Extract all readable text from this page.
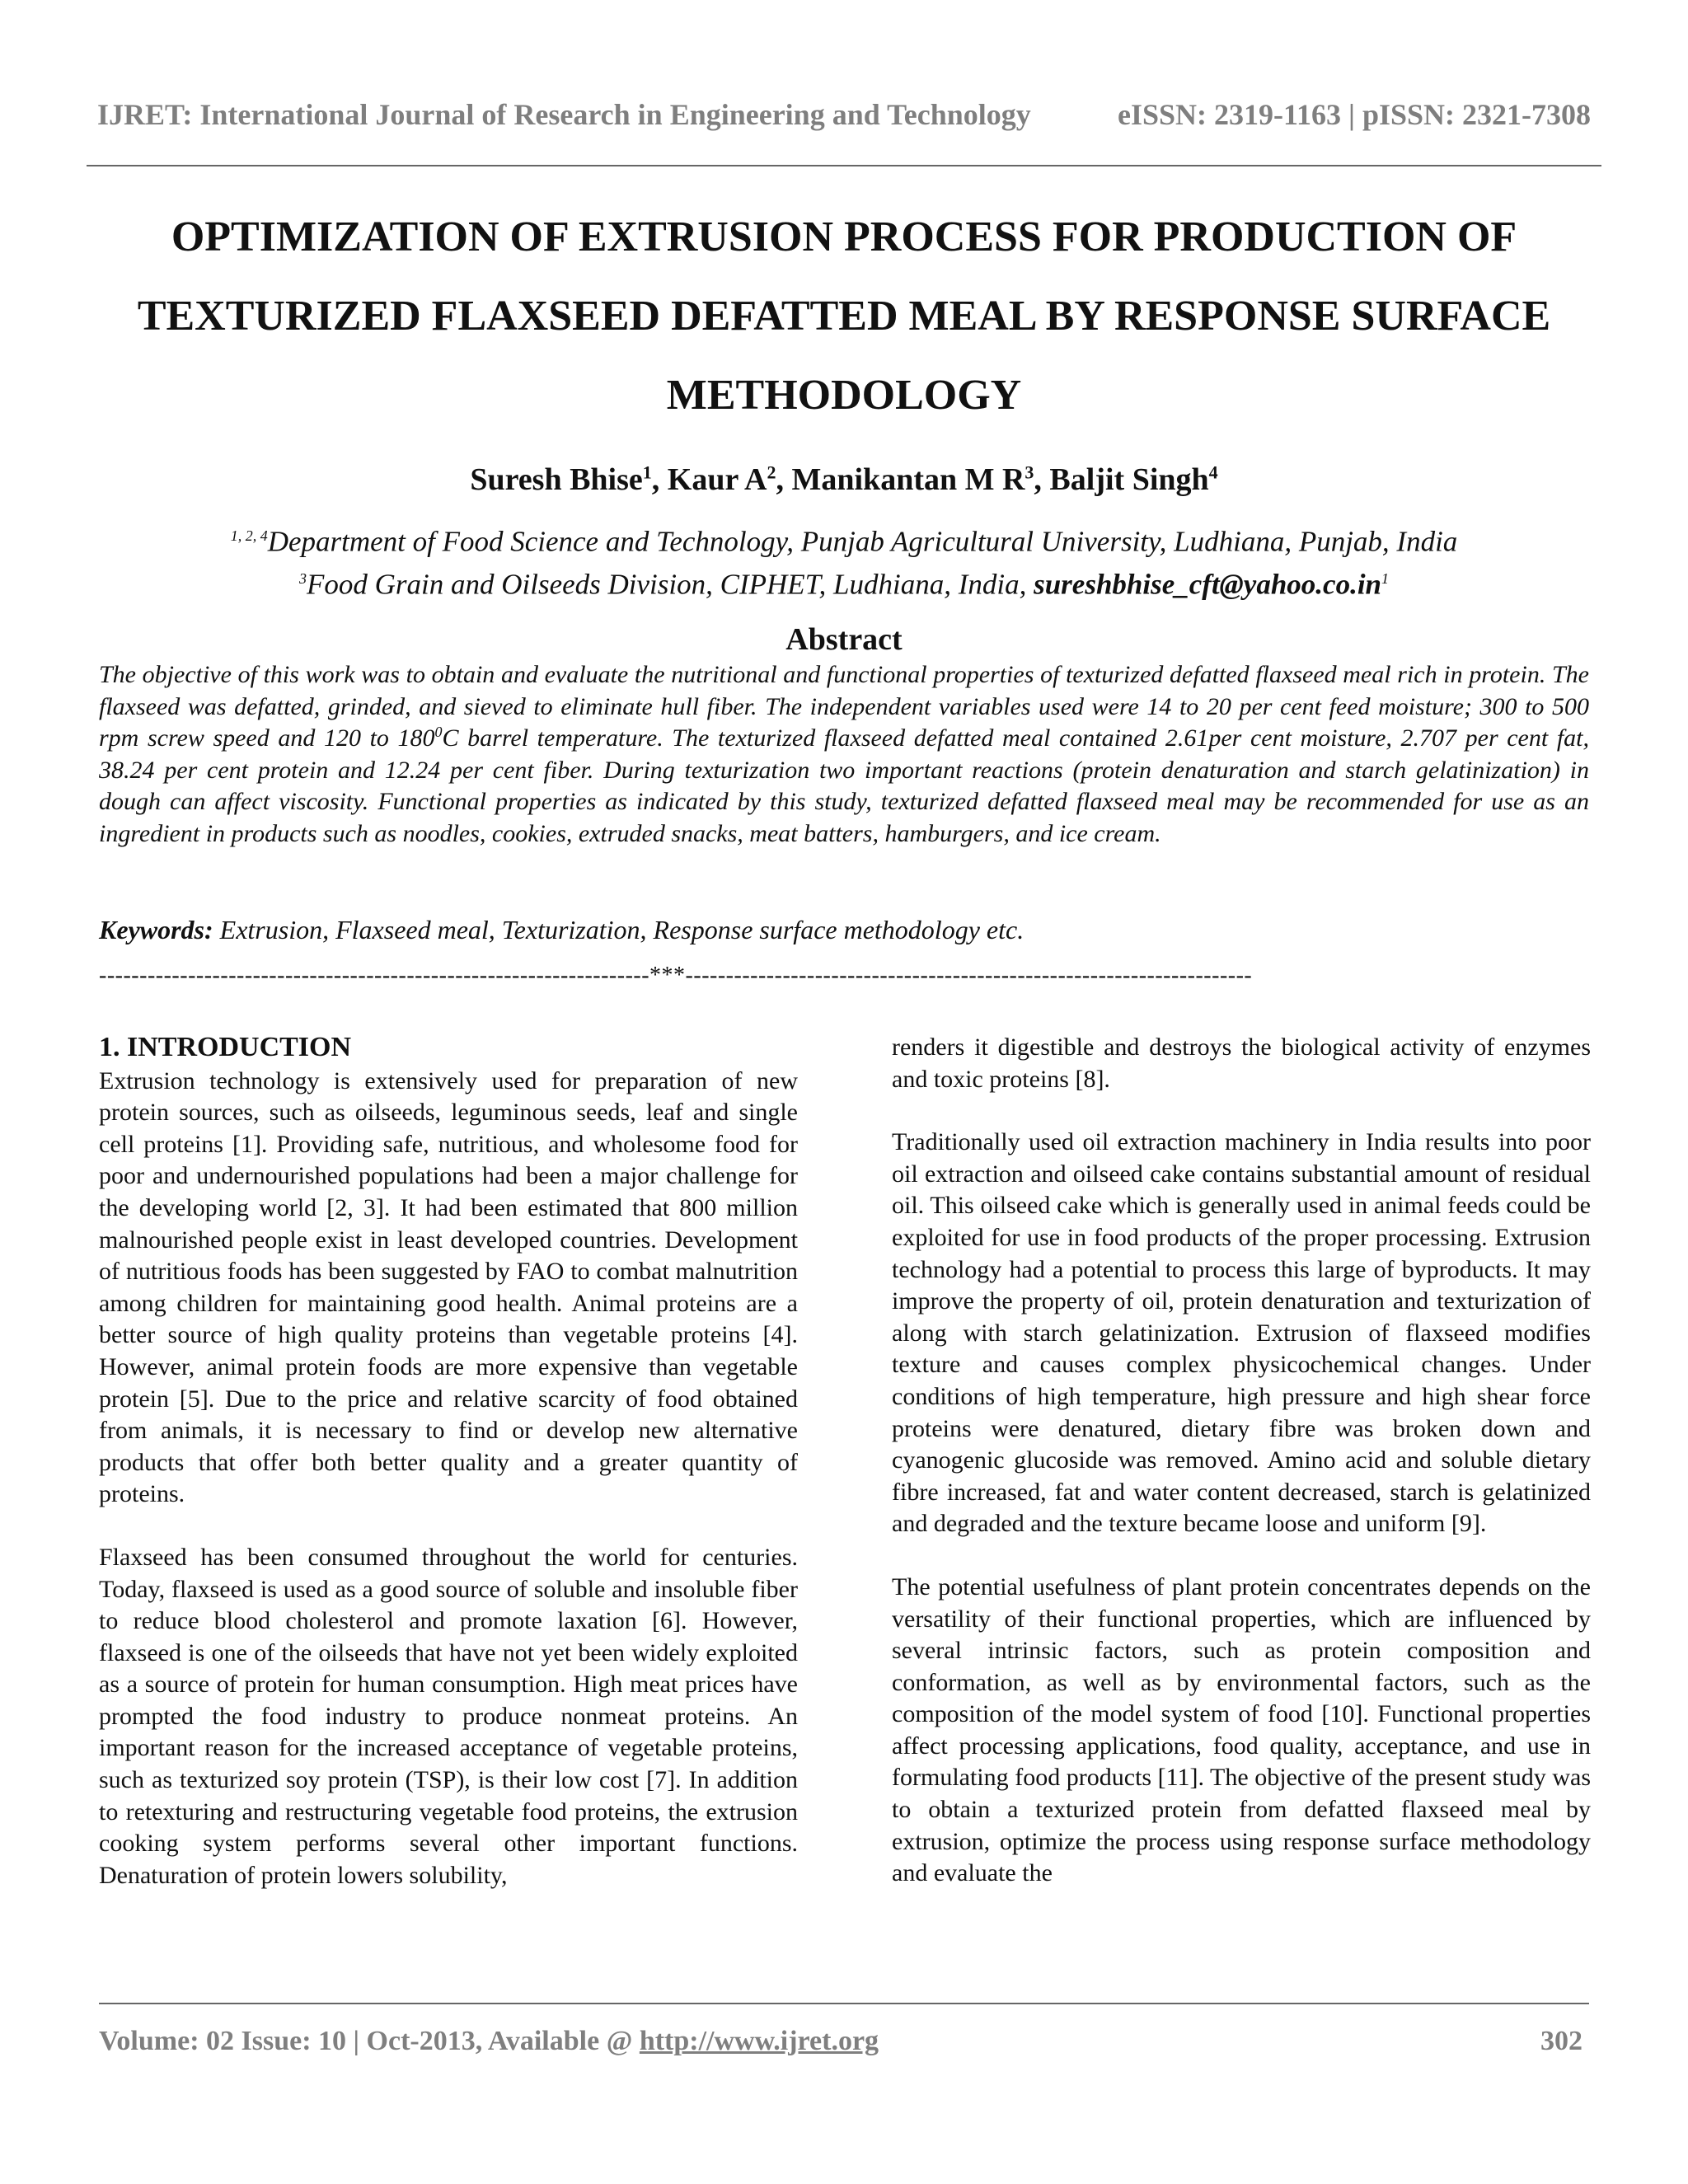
IJRET: International Journal of Research in Engineering and Technology	eISSN: 2319-1163 | pISSN: 2321-7308
OPTIMIZATION OF EXTRUSION PROCESS FOR PRODUCTION OF TEXTURIZED FLAXSEED DEFATTED MEAL BY RESPONSE SURFACE METHODOLOGY
Suresh Bhise$^1$, Kaur $A^2$, Manikantan M $R^3$, Baljit Singh$^4$
$^{1, 2, 4}$Department of Food Science and Technology, Punjab Agricultural University, Ludhiana, Punjab, India
$^3$Food Grain and Oilseeds Division, CIPHET, Ludhiana, India, $sureshbhise\_cft@yahoo.co.in^1$
Abstract
The objective of this work was to obtain and evaluate the nutritional and functional properties of texturized defatted flaxseed meal rich in protein. The flaxseed was defatted, grinded, and sieved to eliminate hull fiber. The independent variables used were 14 to 20 per cent feed moisture; 300 to 500 rpm screw speed and 120 to $180^0C$ barrel temperature. The texturized flaxseed defatted meal contained 2.61per cent moisture, 2.707 per cent fat, 38.24 per cent protein and 12.24 per cent fiber. During texturization two important reactions (protein denaturation and starch gelatinization) in dough can affect viscosity. Functional properties as indicated by this study, texturized defatted flaxseed meal may be recommended for use as an ingredient in products such as noodles, cookies, extruded snacks, meat batters, hamburgers, and ice cream.
Keywords: Extrusion, Flaxseed meal, Texturization, Response surface methodology etc.
--------------------------------------------------------------------***----------------------------------------------------------------------
1. INTRODUCTION

Extrusion technology is extensively used for preparation of new protein sources, such as oilseeds, leguminous seeds, leaf and single cell proteins [1]. Providing safe, nutritious, and wholesome food for poor and undernourished populations had been a major challenge for the developing world [2, 3]. It had been estimated that 800 million malnourished people exist in least developed countries. Development of nutritious foods has been suggested by FAO to combat malnutrition among children for maintaining good health. Animal proteins are a better source of high quality proteins than vegetable proteins [4]. However, animal protein foods are more expensive than vegetable protein [5]. Due to the price and relative scarcity of food obtained from animals, it is necessary to find or develop new alternative products that offer both better quality and a greater quantity of proteins.

Flaxseed has been consumed throughout the world for centuries. Today, flaxseed is used as a good source of soluble and insoluble fiber to reduce blood cholesterol and promote laxation [6]. However, flaxseed is one of the oilseeds that have not yet been widely exploited as a source of protein for human consumption. High meat prices have prompted the food industry to produce nonmeat proteins. An important reason for the increased acceptance of vegetable proteins, such as texturized soy protein (TSP), is their low cost [7]. In addition to retexturing and restructuring vegetable food proteins, the extrusion cooking system performs several other important functions. Denaturation of protein lowers solubility,

renders it digestible and destroys the biological activity of enzymes and toxic proteins [8].

Traditionally used oil extraction machinery in India results into poor oil extraction and oilseed cake contains substantial amount of residual oil. This oilseed cake which is generally used in animal feeds could be exploited for use in food products of the proper processing. Extrusion technology had a potential to process this large of byproducts. It may improve the property of oil, protein denaturation and texturization of along with starch gelatinization. Extrusion of flaxseed modifies texture and causes complex physicochemical changes. Under conditions of high temperature, high pressure and high shear force proteins were denatured, dietary fibre was broken down and cyanogenic glucoside was removed. Amino acid and soluble dietary fibre increased, fat and water content decreased, starch is gelatinized and degraded and the texture became loose and uniform [9].

The potential usefulness of plant protein concentrates depends on the versatility of their functional properties, which are influenced by several intrinsic factors, such as protein composition and conformation, as well as by environmental factors, such as the composition of the model system of food [10]. Functional properties affect processing applications, food quality, acceptance, and use in formulating food products [11]. The objective of the present study was to obtain a texturized protein from defatted flaxseed meal by extrusion, optimize the process using response surface methodology and evaluate the

Volume: 02 Issue: 10 | Oct-2013, Available @ http://www.ijret.org	302
